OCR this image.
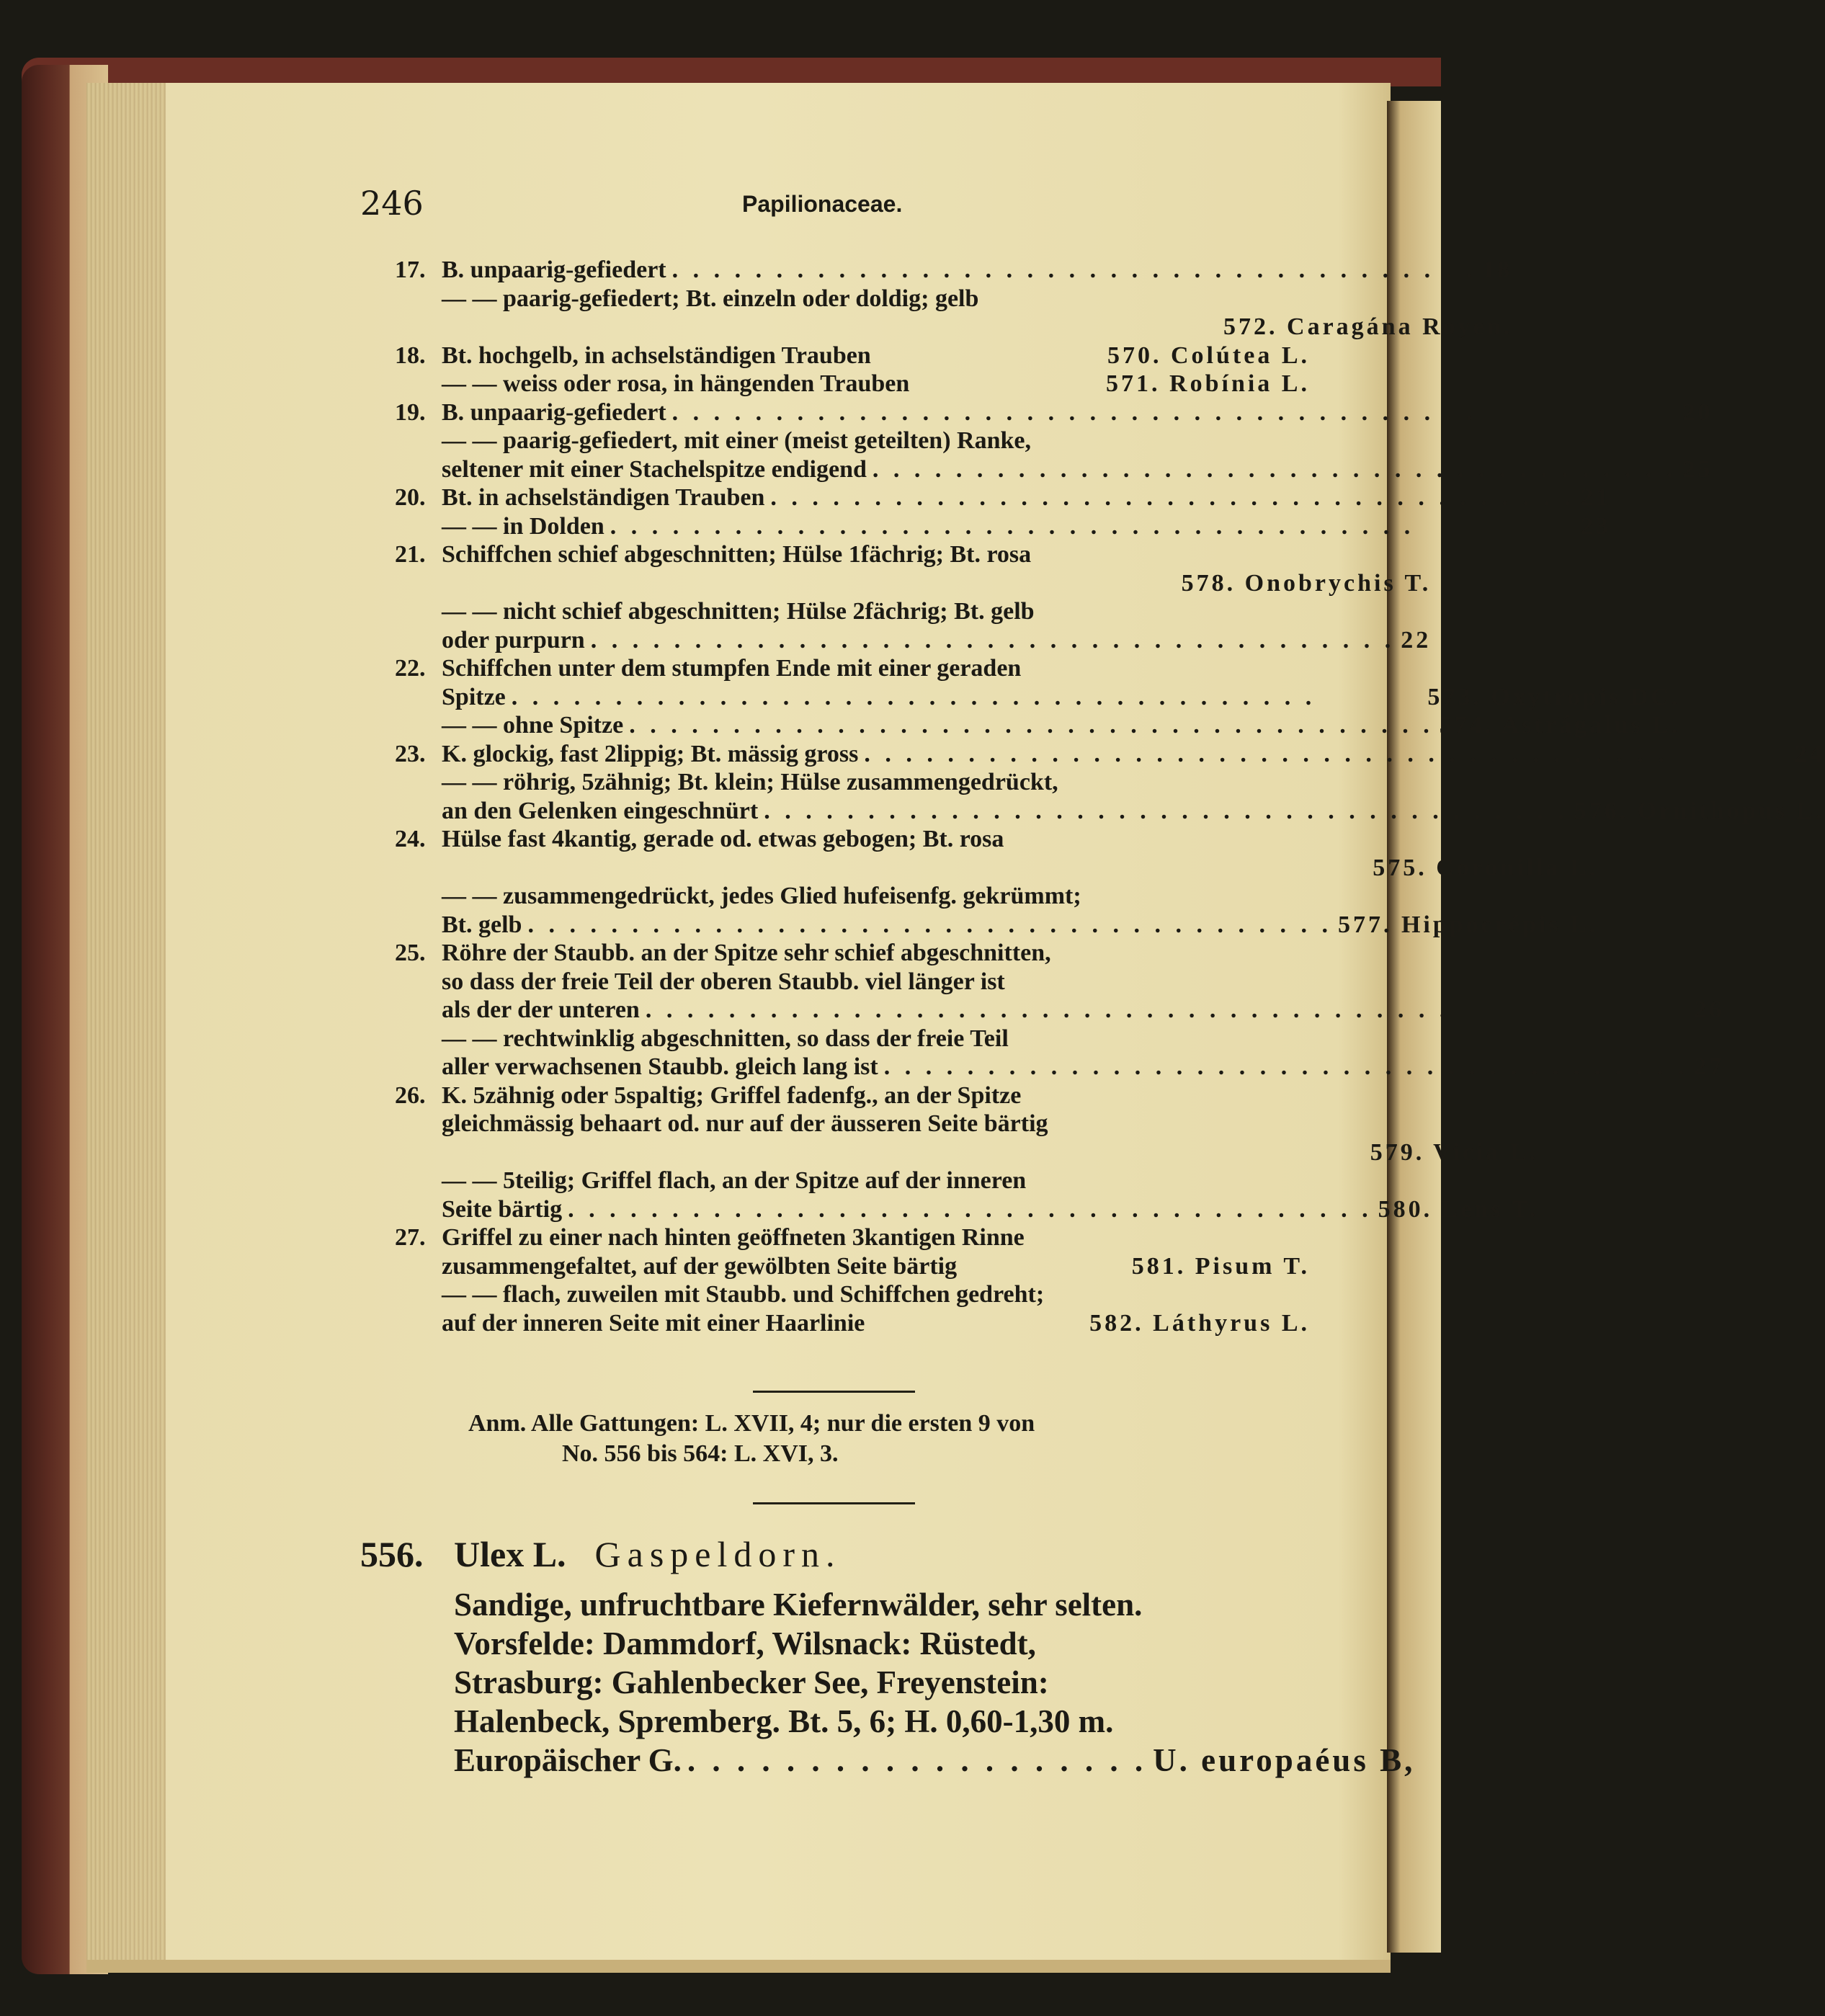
246	Papilionaceae.
17. B. unpaarig-gefiedert . . . . . . . . . . . . . . . . . . . . . . . . . . . . . . . . . . . . . . . 18
— — paarig-gefiedert; Bt. einzeln oder doldig; gelb
572. Caragána Royen.
18. Bt. hochgelb, in achselständigen Trauben	570. Colútea L.
— — weiss oder rosa, in hängenden Trauben	571. Robínia L.
19. B. unpaarig-gefiedert . . . . . . . . . . . . . . . . . . . . . . . . . . . . . . . . . . . . . . .	20
— — paarig-gefiedert, mit einer (meist geteilten) Ranke,
seltener mit einer Stachelspitze endigend . . . . . . . . . . . . . . . . . . . . . . . . . . . . . . . . . . . . . . . 25
20. Bt. in achselständigen Trauben . . . . . . . . . . . . . . . . . . . . . . . . . . . . . . . . . . . . . . . 21
— — in Dolden . . . . . . . . . . . . . . . . . . . . . . . . . . . . . . . . . . . . . . .	23
21. Schiffchen schief abgeschnitten; Hülse 1fächrig; Bt. rosa
578. Onobrychis T.
— — nicht schief abgeschnitten; Hülse 2fächrig; Bt. gelb
oder purpurn . . . . . . . . . . . . . . . . . . . . . . . . . . . . . . . . . . . . . . . 22
22. Schiffchen unter dem stumpfen Ende mit einer geraden
Spitze . . . . . . . . . . . . . . . . . . . . . . . . . . . . . . . . . . . . . . .	573. Oxytropis DC.
— — ohne Spitze . . . . . . . . . . . . . . . . . . . . . . . . . . . . . . . . . . . . . . . 574. Astrágalus L.
23. K. glockig, fast 2lippig; Bt. mässig gross . . . . . . . . . . . . . . . . . . . . . . . . . . . . . . . . . . . . . . .	24
— — röhrig, 5zähnig; Bt. klein; Hülse zusammengedrückt,
an den Gelenken eingeschnürt . . . . . . . . . . . . . . . . . . . . . . . . . . . . . . . . . . . . . . . 576. Ornithopus L.
24. Hülse fast 4kantig, gerade od. etwas gebogen; Bt. rosa
575. Coronilla L.
— — zusammengedrückt, jedes Glied hufeisenfg. gekrümmt;
Bt. gelb . . . . . . . . . . . . . . . . . . . . . . . . . . . . . . . . . . . . . . . 577. Hippocrépis L.
25. Röhre der Staubb. an der Spitze sehr schief abgeschnitten,
so dass der freie Teil der oberen Staubb. viel länger ist
als der der unteren . . . . . . . . . . . . . . . . . . . . . . . . . . . . . . . . . . . . . . .	26
— — rechtwinklig abgeschnitten, so dass der freie Teil
aller verwachsenen Staubb. gleich lang ist . . . . . . . . . . . . . . . . . . . . . . . . . . . . . . . . . . . . . . . 27
26. K. 5zähnig oder 5spaltig; Griffel fadenfg., an der Spitze
gleichmässig behaart od. nur auf der äusseren Seite bärtig
579. Vicia L.
— — 5teilig; Griffel flach, an der Spitze auf der inneren
Seite bärtig . . . . . . . . . . . . . . . . . . . . . . . . . . . . . . . . . . . . . . . 580. Lens T.
27. Griffel zu einer nach hinten geöffneten 3kantigen Rinne
zusammengefaltet, auf der gewölbten Seite bärtig	581. Pisum T.
— — flach, zuweilen mit Staubb. und Schiffchen gedreht;
auf der inneren Seite mit einer Haarlinie	582. Láthyrus L.
Anm. Alle Gattungen: L. XVII, 4; nur die ersten 9 von
No. 556 bis 564: L. XVI, 3.
556. Ulex L. Gaspeldorn.
Sandige, unfruchtbare Kiefernwälder, sehr selten.
Vorsfelde: Dammdorf, Wilsnack: Rüstedt,
Strasburg: Gahlenbecker See, Freyenstein:
Halenbeck, Spremberg. Bt. 5, 6; H. 0,60-1,30 m.
Europäischer G. . . . . . . . . . . . . . . . . . . . U. europaéus B,
